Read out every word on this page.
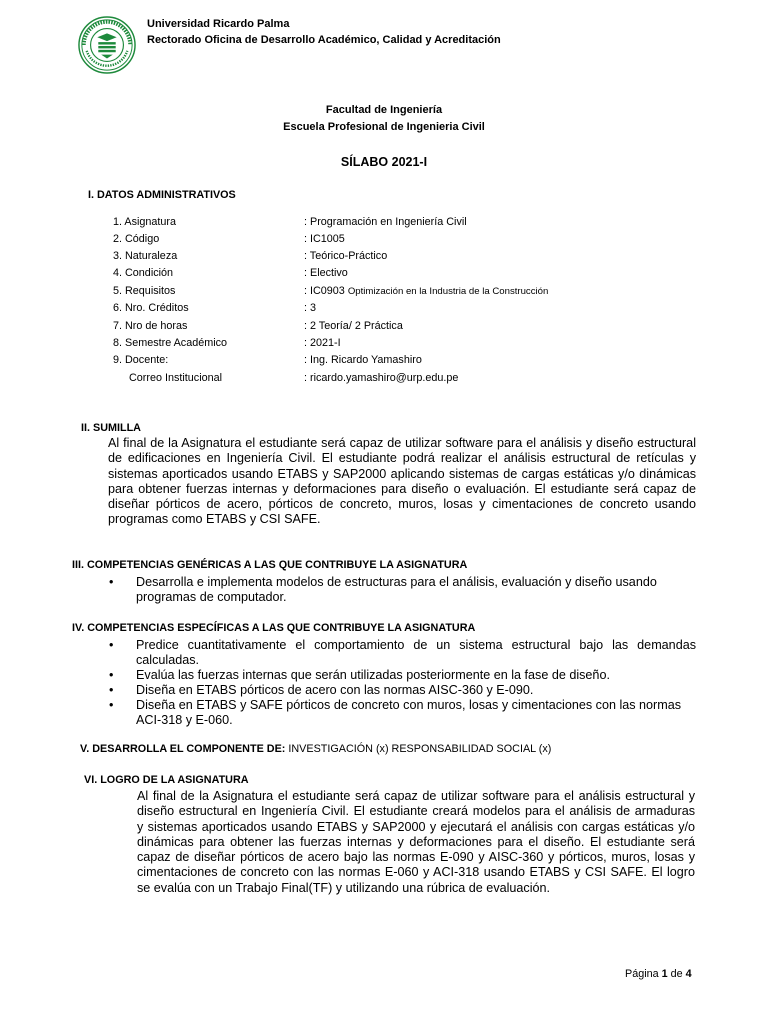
Universidad Ricardo Palma
Rectorado Oficina de Desarrollo Académico, Calidad y Acreditación
Facultad de Ingeniería
Escuela Profesional de Ingenieria Civil
SÍLABO 2021-I
I. DATOS ADMINISTRATIVOS
1. Asignatura	: Programación en Ingeniería Civil
2. Código	: IC1005
3. Naturaleza	: Teórico-Práctico
4. Condición	: Electivo
5. Requisitos	: IC0903 Optimización en la Industria de la Construcción
6. Nro. Créditos	: 3
7. Nro de horas	: 2 Teoría/ 2 Práctica
8. Semestre Académico	: 2021-I
9. Docente:	: Ing. Ricardo Yamashiro
Correo Institucional	: ricardo.yamashiro@urp.edu.pe
II. SUMILLA
Al final de la Asignatura el estudiante será capaz de utilizar software para el análisis y diseño estructural
de edificaciones en Ingeniería Civil. El estudiante podrá realizar el análisis estructural de retículas y
sistemas aporticados usando ETABS y SAP2000 aplicando sistemas de cargas estáticas y/o dinámicas
para obtener fuerzas internas y deformaciones para diseño o evaluación. El estudiante será capaz de
diseñar pórticos de acero, pórticos de concreto, muros, losas y cimentaciones de concreto usando
programas como ETABS y CSI SAFE.
III. COMPETENCIAS GENÉRICAS A LAS QUE CONTRIBUYE LA ASIGNATURA
• Desarrolla e implementa modelos de estructuras para el análisis, evaluación y diseño usando
programas de computador.
IV. COMPETENCIAS ESPECÍFICAS A LAS QUE CONTRIBUYE LA ASIGNATURA
• Predice cuantitativamente el comportamiento de un sistema estructural bajo las demandas
calculadas.
• Evalúa las fuerzas internas que serán utilizadas posteriormente en la fase de diseño.
• Diseña en ETABS pórticos de acero con las normas AISC-360 y E-090.
• Diseña en ETABS y SAFE pórticos de concreto con muros, losas y cimentaciones con las normas
ACI-318 y E-060.
V. DESARROLLA EL COMPONENTE DE: INVESTIGACIÓN (x) RESPONSABILIDAD SOCIAL (x)
VI. LOGRO DE LA ASIGNATURA
Al final de la Asignatura el estudiante será capaz de utilizar software para el análisis estructural y
diseño estructural en Ingeniería Civil. El estudiante creará modelos para el análisis de armaduras
y sistemas aporticados usando ETABS y SAP2000 y ejecutará el análisis con cargas estáticas y/o
dinámicas para obtener las fuerzas internas y deformaciones para el diseño. El estudiante será
capaz de diseñar pórticos de acero bajo las normas E-090 y AISC-360 y pórticos, muros, losas y
cimentaciones de concreto con las normas E-060 y ACI-318 usando ETABS y CSI SAFE. El logro
se evalúa con un Trabajo Final(TF) y utilizando una rúbrica de evaluación.
Página 1 de 4
